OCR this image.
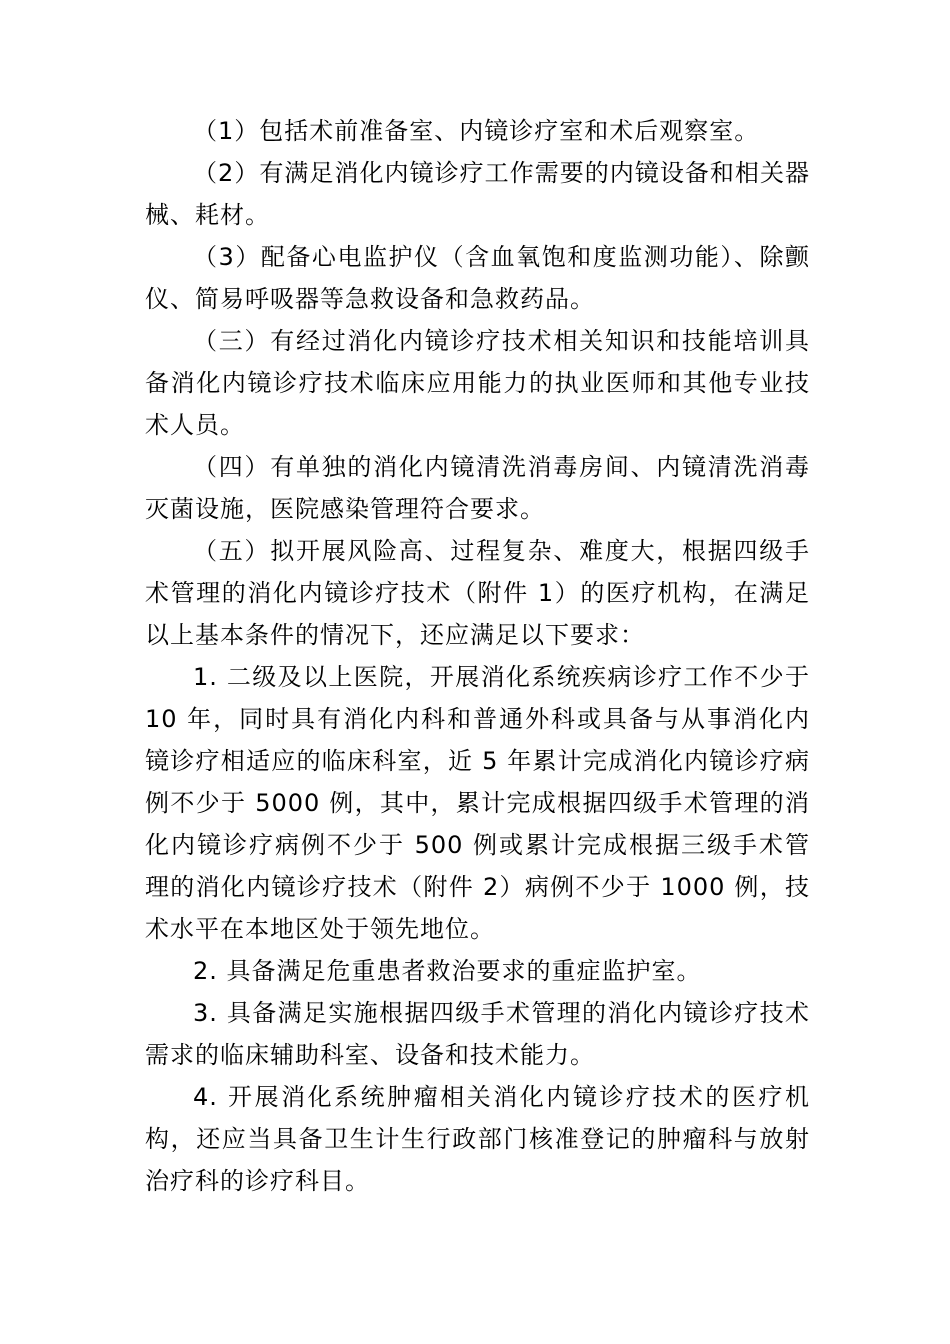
（1）包括术前准备室、内镜诊疗室和术后观察室。

（2）有满足消化内镜诊疗工作需要的内镜设备和相关器械、耗材。

（3）配备心电监护仪（含血氧饱和度监测功能）、除颤仪、简易呼吸器等急救设备和急救药品。

（三）有经过消化内镜诊疗技术相关知识和技能培训具备消化内镜诊疗技术临床应用能力的执业医师和其他专业技术人员。

（四）有单独的消化内镜清洗消毒房间、内镜清洗消毒灭菌设施，医院感染管理符合要求。

（五）拟开展风险高、过程复杂、难度大，根据四级手术管理的消化内镜诊疗技术（附件 1）的医疗机构，在满足以上基本条件的情况下，还应满足以下要求：

1. 二级及以上医院，开展消化系统疾病诊疗工作不少于 10 年，同时具有消化内科和普通外科或具备与从事消化内镜诊疗相适应的临床科室，近 5 年累计完成消化内镜诊疗病例不少于 5000 例，其中，累计完成根据四级手术管理的消化内镜诊疗病例不少于 500 例或累计完成根据三级手术管理的消化内镜诊疗技术（附件 2）病例不少于 1000 例，技术水平在本地区处于领先地位。

2. 具备满足危重患者救治要求的重症监护室。

3. 具备满足实施根据四级手术管理的消化内镜诊疗技术需求的临床辅助科室、设备和技术能力。

4. 开展消化系统肿瘤相关消化内镜诊疗技术的医疗机构，还应当具备卫生计生行政部门核准登记的肿瘤科与放射治疗科的诊疗科目。
